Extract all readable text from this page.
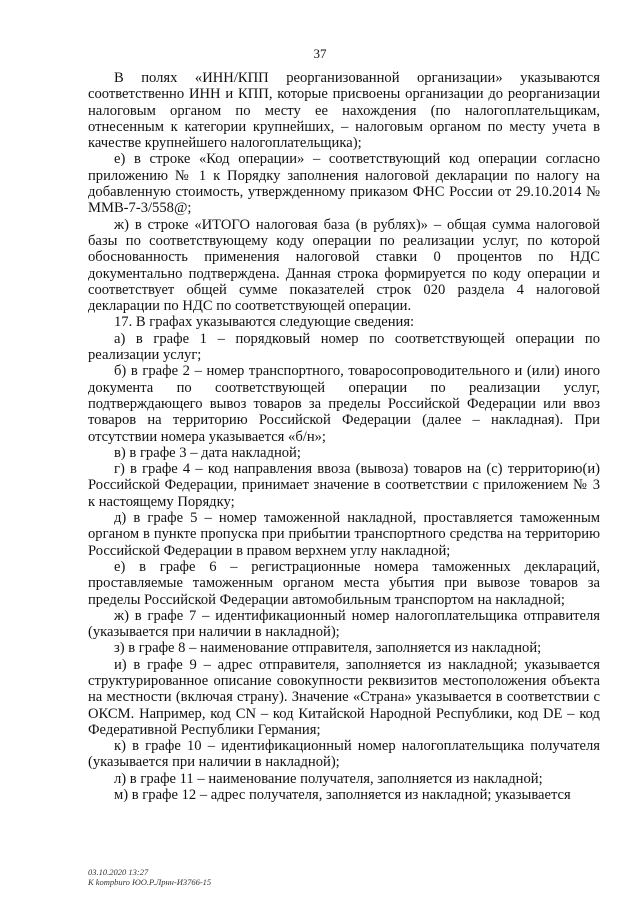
37

В полях «ИНН/КПП реорганизованной организации» указываются соответственно ИНН и КПП, которые присвоены организации до реорганизации налоговым органом по месту ее нахождения (по налогоплательщикам, отнесенным к категории крупнейших, – налоговым органом по месту учета в качестве крупнейшего налогоплательщика);

е) в строке «Код операции» – соответствующий код операции согласно приложению № 1 к Порядку заполнения налоговой декларации по налогу на добавленную стоимость, утвержденному приказом ФНС России от 29.10.2014 № ММВ-7-3/558@;

ж) в строке «ИТОГО налоговая база (в рублях)» – общая сумма налоговой базы по соответствующему коду операции по реализации услуг, по которой обоснованность применения налоговой ставки 0 процентов по НДС документально подтверждена. Данная строка формируется по коду операции и соответствует общей сумме показателей строк 020 раздела 4 налоговой декларации по НДС по соответствующей операции.

17. В графах указываются следующие сведения:

а) в графе 1 – порядковый номер по соответствующей операции по реализации услуг;

б) в графе 2 – номер транспортного, товаросопроводительного и (или) иного документа по соответствующей операции по реализации услуг, подтверждающего вывоз товаров за пределы Российской Федерации или ввоз товаров на территорию Российской Федерации (далее – накладная). При отсутствии номера указывается «б/н»;

в) в графе 3 – дата накладной;

г) в графе 4 – код направления ввоза (вывоза) товаров на (с) территорию(и) Российской Федерации, принимает значение в соответствии с приложением № 3 к настоящему Порядку;

д) в графе 5 – номер таможенной накладной, проставляется таможенным органом в пункте пропуска при прибытии транспортного средства на территорию Российской Федерации в правом верхнем углу накладной;

е) в графе 6 – регистрационные номера таможенных деклараций, проставляемые таможенным органом места убытия при вывозе товаров за пределы Российской Федерации автомобильным транспортом на накладной;

ж) в графе 7 – идентификационный номер налогоплательщика отправителя (указывается при наличии в накладной);

з) в графе 8 – наименование отправителя, заполняется из накладной;

и) в графе 9 – адрес отправителя, заполняется из накладной; указывается структурированное описание совокупности реквизитов местоположения объекта на местности (включая страну). Значение «Страна» указывается в соответствии с ОКСМ. Например, код CN – код Китайской Народной Республики, код DE – код Федеративной Республики Германия;

к) в графе 10 – идентификационный номер налогоплательщика получателя (указывается при наличии в накладной);

л) в графе 11 – наименование получателя, заполняется из накладной;

м) в графе 12 – адрес получателя, заполняется из накладной; указывается

03.10.2020 13:27
К kompburo ЮО.Р.Лрнн-И3766-15
